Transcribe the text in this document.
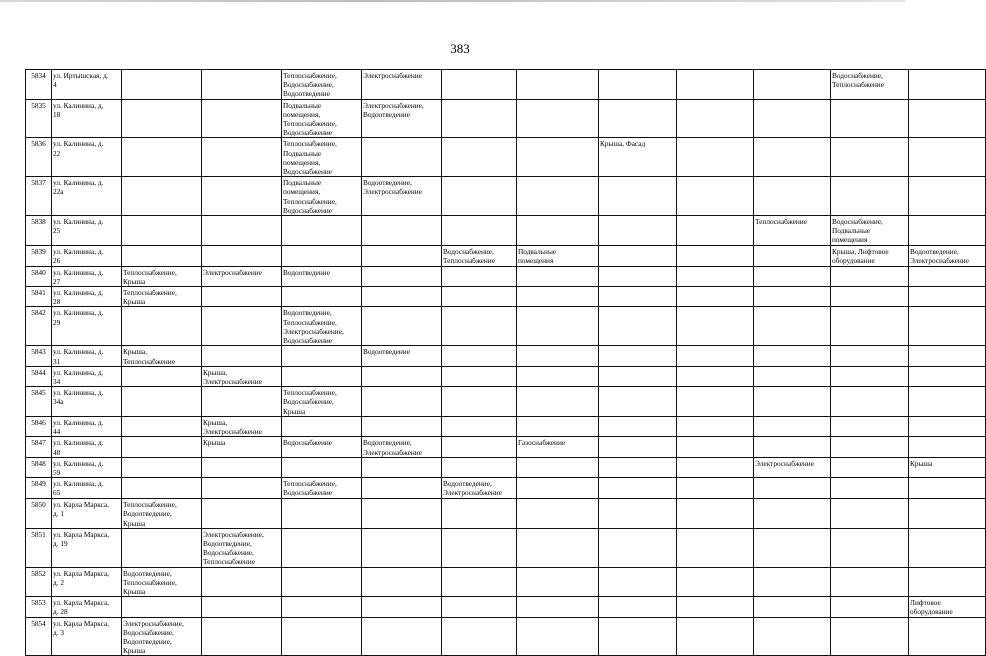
383
5834	ул. Иртышская, д.
4			Теплоснабжение,
Водоснабжение,
Водоотведение	Электроснабжение						Водоснабжение,
Теплоснабжение	
5835	ул. Калинина, д.
18			Подвальные
помещения,
Теплоснабжение,
Водоснабжение	Электроснабжение,
Водоотведение							
5836	ул. Калинина, д.
22			Теплоснабжение,
Подвальные
помещения,
Водоснабжение				Крыша, Фасад				
5837	ул. Калинина, д.
22а			Подвальные
помещения,
Теплоснабжение,
Водоснабжение	Водоотведение,
Электроснабжение							
5838	ул. Калинина, д.
25									Теплоснабжение	Водоснабжение,
Подвальные
помещения	
5839	ул. Калинина, д.
26					Водоснабжение,
Теплоснабжение	Подвальные
помещения				Крыша, Лифтовое
оборудование	Водоотведение,
Электроснабжение
5840	ул. Калинина, д.
27	Теплоснабжение,
Крыша	Электроснабжение	Водоотведение								
5841	ул. Калинина, д.
28	Теплоснабжение,
Крыша										
5842	ул. Калинина, д.
29			Водоотведение,
Теплоснабжение,
Электроснабжение,
Водоснабжение								
5843	ул. Калинина, д.
31	Крыша,
Теплоснабжение			Водоотведение							
5844	ул. Калинина, д.
34		Крыша,
Электроснабжение									
5845	ул. Калинина, д.
34а			Теплоснабжение,
Водоснабжение,
Крыша								
5846	ул. Калинина, д.
44		Крыша,
Электроснабжение									
5847	ул. Калинина, д.
48		Крыша	Водоснабжение	Водоотведение,
Электроснабжение		Газоснабжение					
5848	ул. Калинина, д.
59									Электроснабжение		Крыша
5849	ул. Калинина, д.
65			Теплоснабжение,
Водоснабжение		Водоотведение,
Электроснабжение						
5850	ул. Карла Маркса,
д. 1	Теплоснабжение,
Водоотведение,
Крыша										
5851	ул. Карла Маркса,
д. 19		Электроснабжение,
Водоотведение,
Водоснабжение,
Теплоснабжение									
5852	ул. Карла Маркса,
д. 2	Водоотведение,
Теплоснабжение,
Крыша										
5853	ул. Карла Маркса,
д. 28											Лифтовое
оборудование
5854	ул. Карла Маркса,
д. 3	Электроснабжение,
Водоснабжение,
Водоотведение,
Крыша										
